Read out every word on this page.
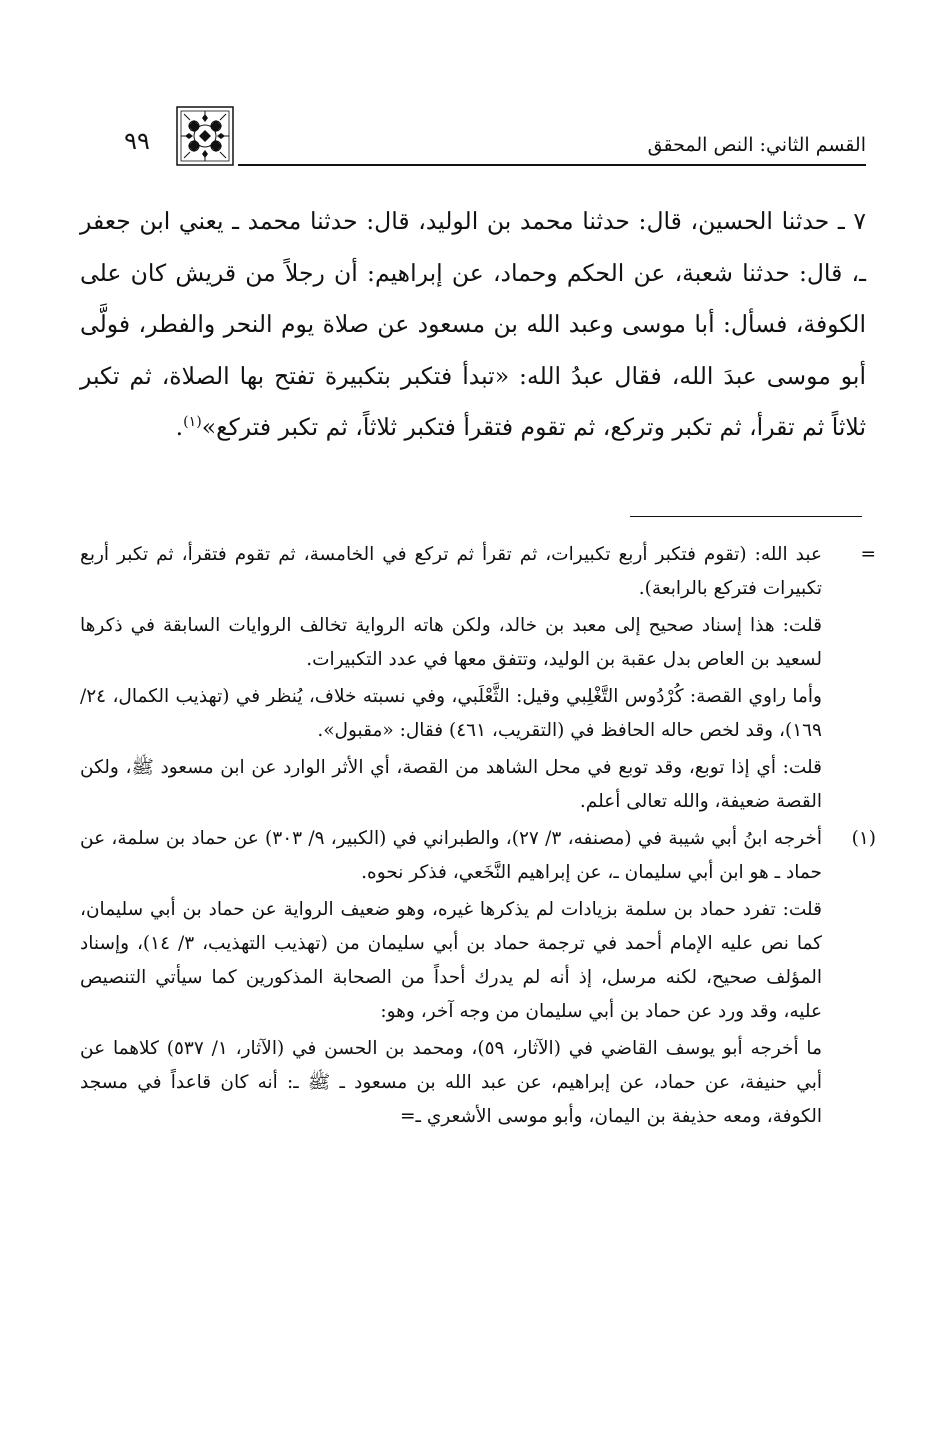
القسم الثاني: النص المحقق
٩٩

٧ ـ حدثنا الحسين، قال: حدثنا محمد بن الوليد، قال: حدثنا محمد ـ يعني ابن جعفر ـ، قال: حدثنا شعبة، عن الحكم وحماد، عن إبراهيم: أن رجلاً من قريش كان على الكوفة، فسأل: أبا موسى وعبد الله بن مسعود عن صلاة يوم النحر والفطر، فولَّى أبو موسى عبدَ الله، فقال عبدُ الله: «تبدأ فتكبر بتكبيرة تفتح بها الصلاة، ثم تكبر ثلاثاً ثم تقرأ، ثم تكبر وتركع، ثم تقوم فتقرأ فتكبر ثلاثاً، ثم تكبر فتركع»$^{(١)}$.

=
عبد الله: (تقوم فتكبر أربع تكبيرات، ثم تقرأ ثم تركع في الخامسة، ثم تقوم فتقرأ، ثم تكبر أربع تكبيرات فتركع بالرابعة).
قلت: هذا إسناد صحيح إلى معبد بن خالد، ولكن هاته الرواية تخالف الروايات السابقة في ذكرها لسعيد بن العاص بدل عقبة بن الوليد، وتتفق معها في عدد التكبيرات.
وأما راوي القصة: كُرْدُوس التَّغْلِبي وقيل: الثَّعْلَبي، وفي نسبته خلاف، يُنظر في (تهذيب الكمال، ٢٤/ ١٦٩)، وقد لخص حاله الحافظ في (التقريب، ٤٦١) فقال: «مقبول».
قلت: أي إذا توبع، وقد توبع في محل الشاهد من القصة، أي الأثر الوارد عن ابن مسعود ﷺ، ولكن القصة ضعيفة، والله تعالى أعلم.
(١)
أخرجه ابنُ أبي شيبة في (مصنفه، ٣/ ٢٧)، والطبراني في (الكبير، ٩/ ٣٠٣) عن حماد بن سلمة، عن حماد ـ هو ابن أبي سليمان ـ، عن إبراهيم النَّخَعي، فذكر نحوه.
قلت: تفرد حماد بن سلمة بزيادات لم يذكرها غيره، وهو ضعيف الرواية عن حماد بن أبي سليمان، كما نص عليه الإمام أحمد في ترجمة حماد بن أبي سليمان من (تهذيب التهذيب، ٣/ ١٤)، وإسناد المؤلف صحيح، لكنه مرسل، إذ أنه لم يدرك أحداً من الصحابة المذكورين كما سيأتي التنصيص عليه، وقد ورد عن حماد بن أبي سليمان من وجه آخر، وهو:
ما أخرجه أبو يوسف القاضي في (الآثار، ٥٩)، ومحمد بن الحسن في (الآثار، ١/ ٥٣٧) كلاهما عن أبي حنيفة، عن حماد، عن إبراهيم، عن عبد الله بن مسعود ـ ﷺ ـ: أنه كان قاعداً في مسجد الكوفة، ومعه حذيفة بن اليمان، وأبو موسى الأشعري ـ=
